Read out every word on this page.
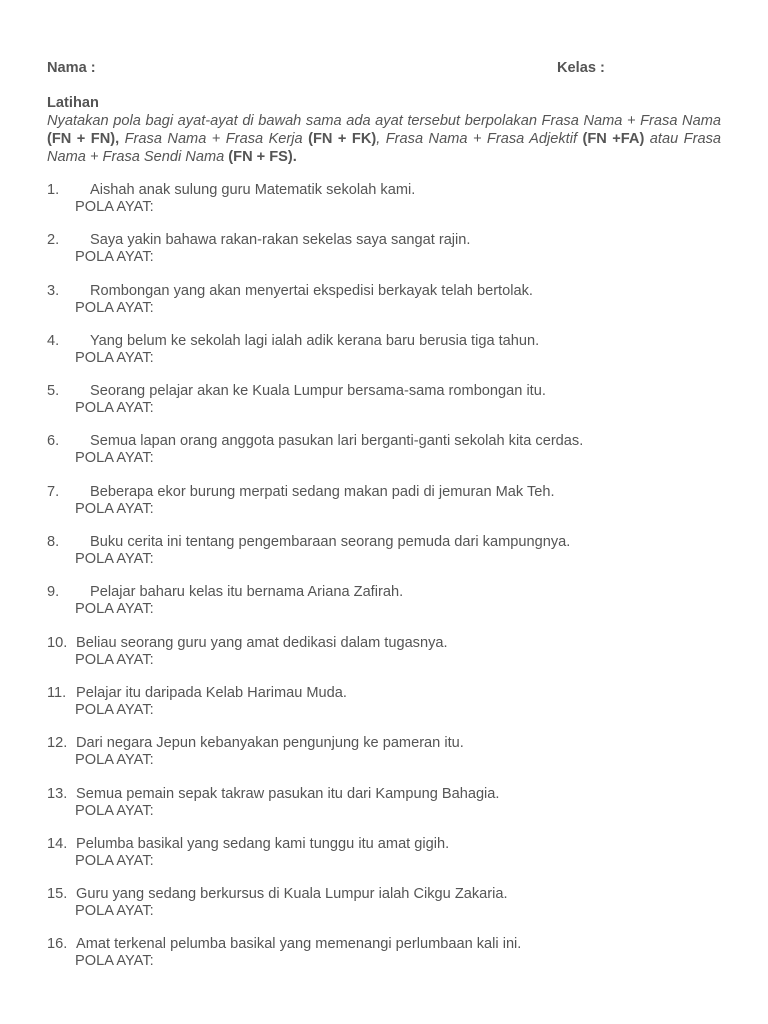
Nama :	Kelas :
Latihan
Nyatakan pola bagi ayat-ayat di bawah sama ada ayat tersebut berpolakan Frasa Nama + Frasa Nama (FN + FN), Frasa Nama + Frasa Kerja (FN + FK), Frasa Nama + Frasa Adjektif (FN +FA) atau Frasa Nama + Frasa Sendi Nama (FN + FS).
1. Aishah anak sulung guru Matematik sekolah kami.
POLA AYAT:
2. Saya yakin bahawa rakan-rakan sekelas saya sangat rajin.
POLA AYAT:
3. Rombongan yang akan menyertai ekspedisi berkayak telah bertolak.
POLA AYAT:
4. Yang belum ke sekolah lagi ialah adik kerana baru berusia tiga tahun.
POLA AYAT:
5. Seorang pelajar akan ke Kuala Lumpur bersama-sama rombongan itu.
POLA AYAT:
6. Semua lapan orang anggota pasukan lari berganti-ganti sekolah kita cerdas.
POLA AYAT:
7. Beberapa ekor burung merpati sedang makan padi di jemuran Mak Teh.
POLA AYAT:
8. Buku cerita ini tentang pengembaraan seorang pemuda dari kampungnya.
POLA AYAT:
9. Pelajar baharu kelas itu bernama Ariana Zafirah.
POLA AYAT:
10. Beliau seorang guru yang amat dedikasi dalam tugasnya.
POLA AYAT:
11. Pelajar itu daripada Kelab Harimau Muda.
POLA AYAT:
12. Dari negara Jepun kebanyakan pengunjung ke pameran itu.
POLA AYAT:
13. Semua pemain sepak takraw pasukan itu dari Kampung Bahagia.
POLA AYAT:
14. Pelumba basikal yang sedang kami tunggu itu amat gigih.
POLA AYAT:
15. Guru yang sedang berkursus di Kuala Lumpur ialah Cikgu Zakaria.
POLA AYAT:
16. Amat terkenal pelumba basikal yang memenangi perlumbaan kali ini.
POLA AYAT:
